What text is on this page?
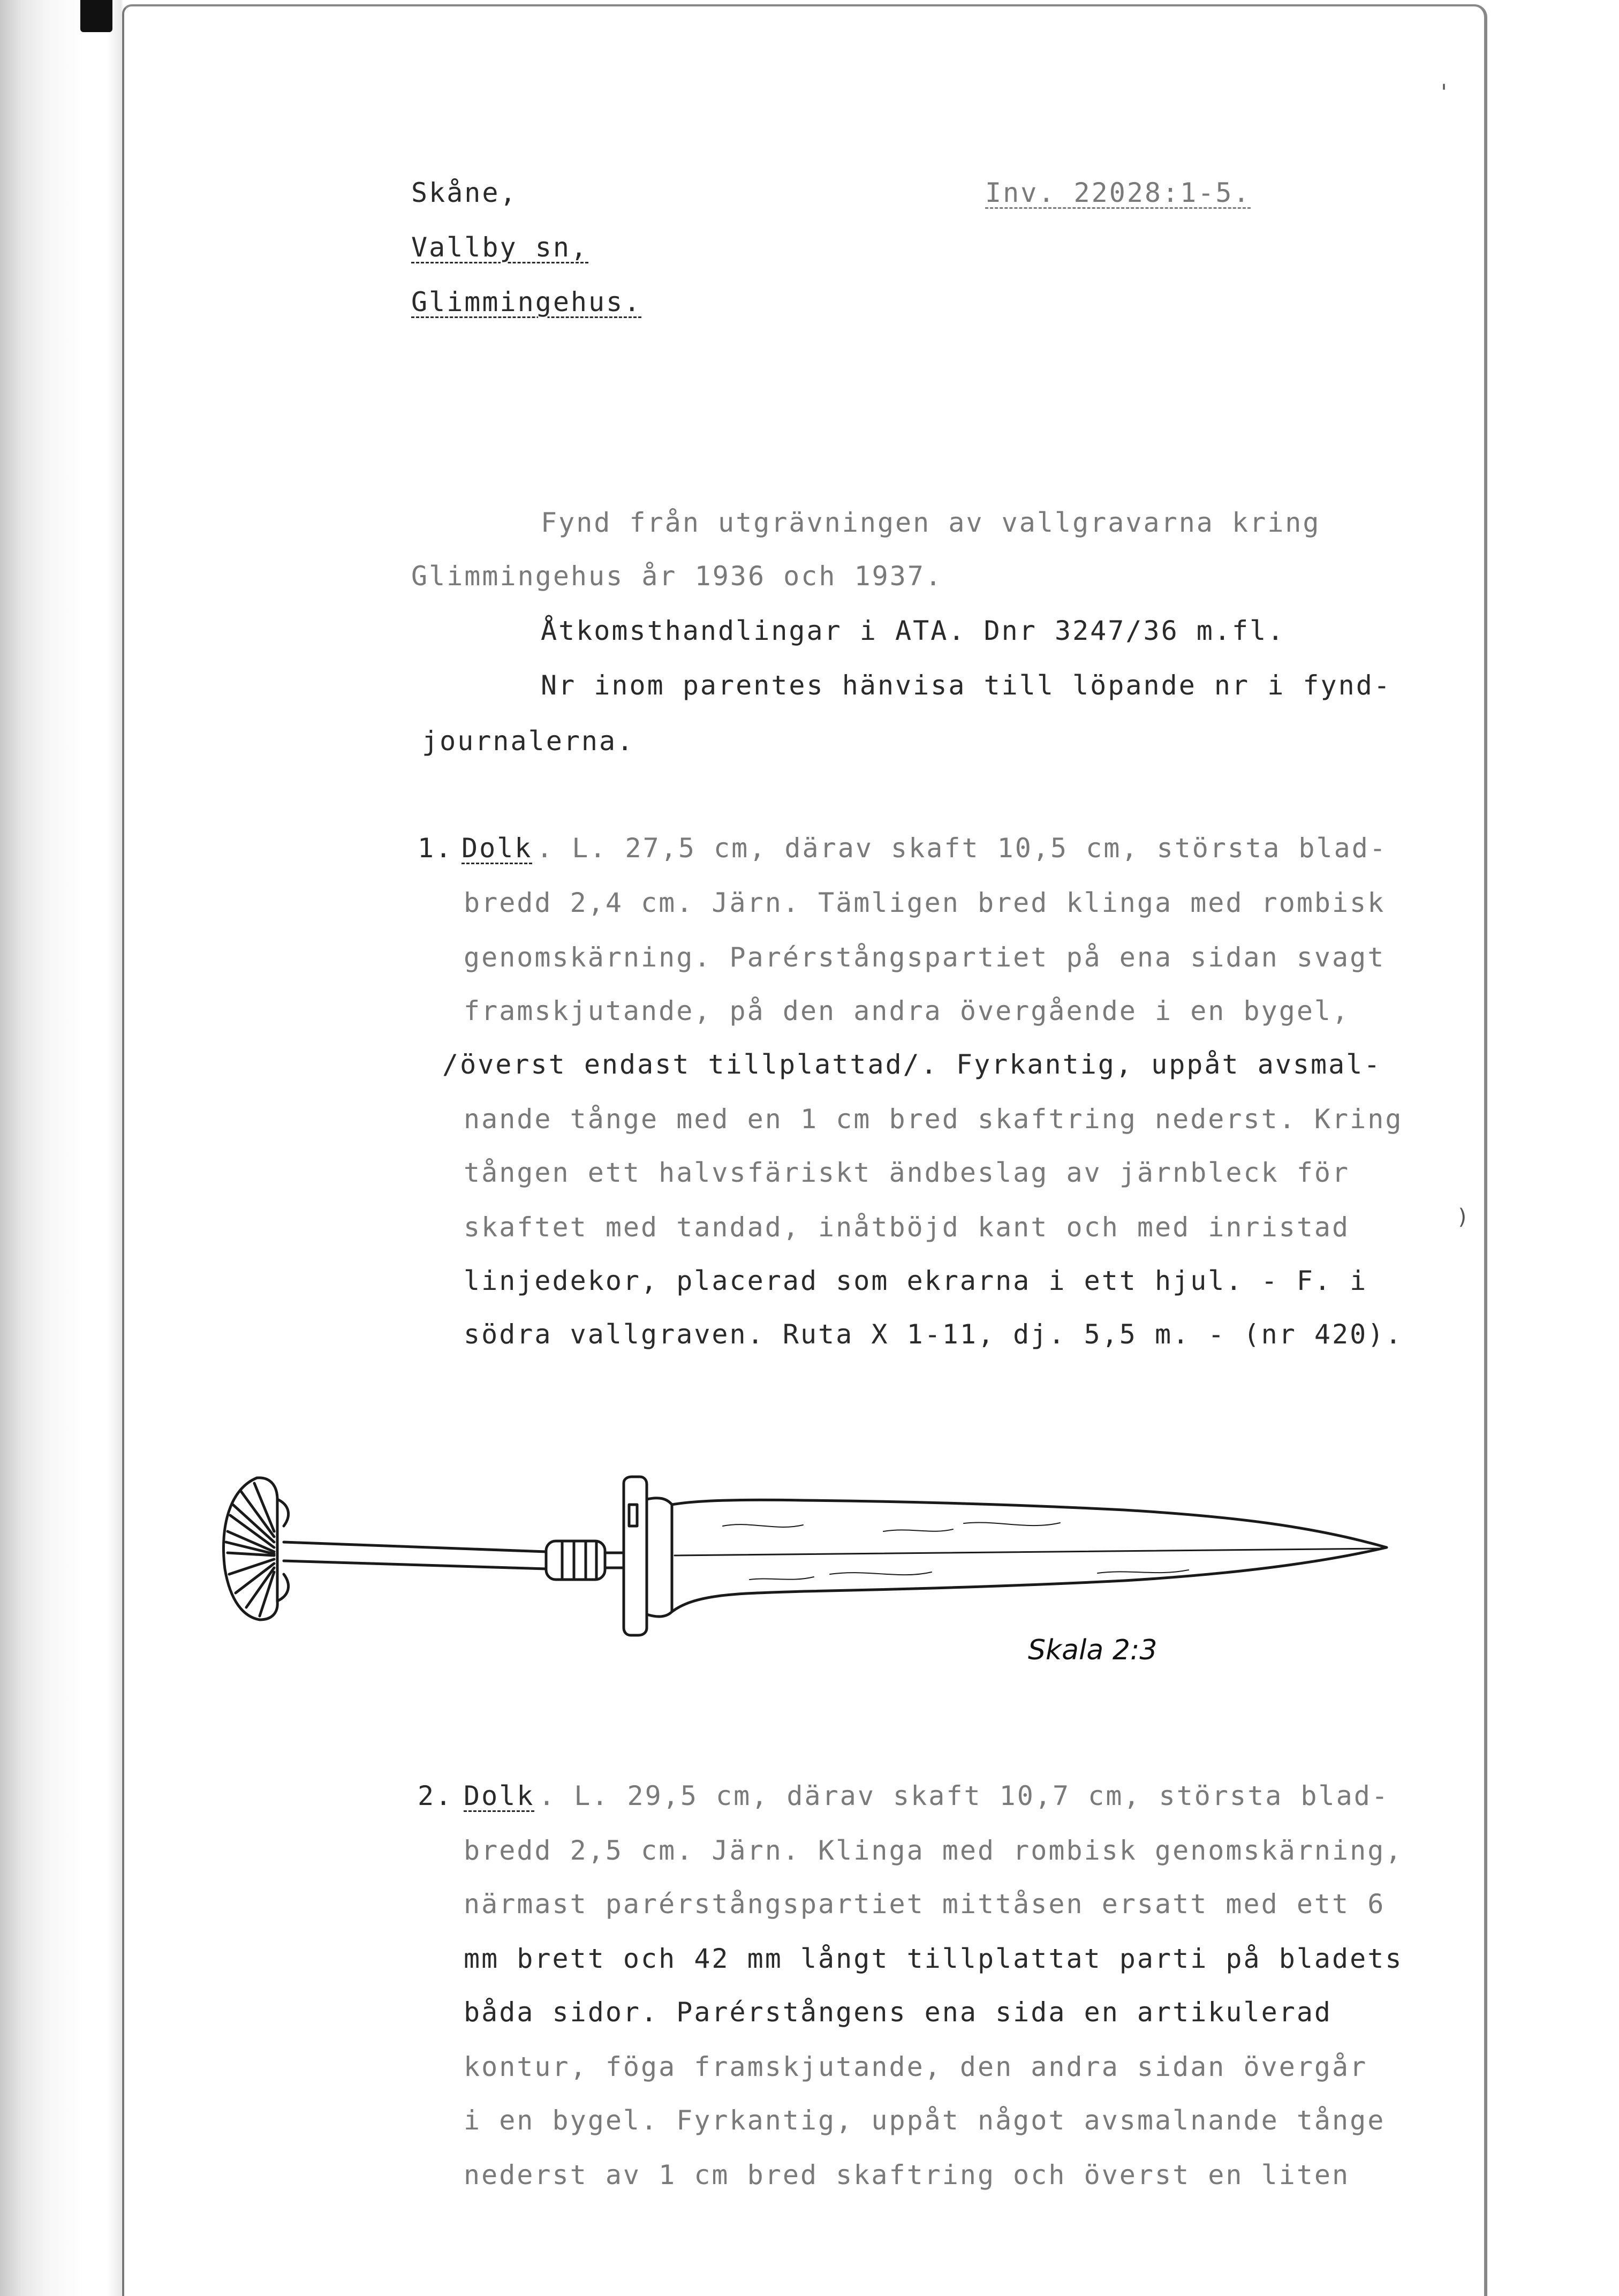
Skåne,
Vallby sn,
Glimmingehus.
Inv. 22028:1-5.
Fynd från utgrävningen av vallgravarna kring
Glimmingehus år 1936 och 1937.
Åtkomsthandlingar i ATA. Dnr 3247/36 m.fl.
Nr inom parentes hänvisa till löpande nr i fynd-
journalerna.
1. Dolk . L. 27,5 cm, därav skaft 10,5 cm, största blad-
bredd 2,4 cm. Järn. Tämligen bred klinga med rombisk
genomskärning. Parérstångspartiet på ena sidan svagt
framskjutande, på den andra övergående i en bygel,
/överst endast tillplattad/. Fyrkantig, uppåt avsmal-
nande tånge med en 1 cm bred skaftring nederst. Kring
tången ett halvsfäriskt ändbeslag av järnbleck för
skaftet med tandad, inåtböjd kant och med inristad
linjedekor, placerad som ekrarna i ett hjul. - F. i
södra vallgraven. Ruta X 1-11, dj. 5,5 m. - (nr 420).
Skala 2:3
2. Dolk . L. 29,5 cm, därav skaft 10,7 cm, största blad-
bredd 2,5 cm. Järn. Klinga med rombisk genomskärning,
närmast parérstångspartiet mittåsen ersatt med ett 6
mm brett och 42 mm långt tillplattat parti på bladets
båda sidor. Parérstångens ena sida en artikulerad
kontur, föga framskjutande, den andra sidan övergår
i en bygel. Fyrkantig, uppåt något avsmalnande tånge
nederst av 1 cm bred skaftring och överst en liten
)
'
